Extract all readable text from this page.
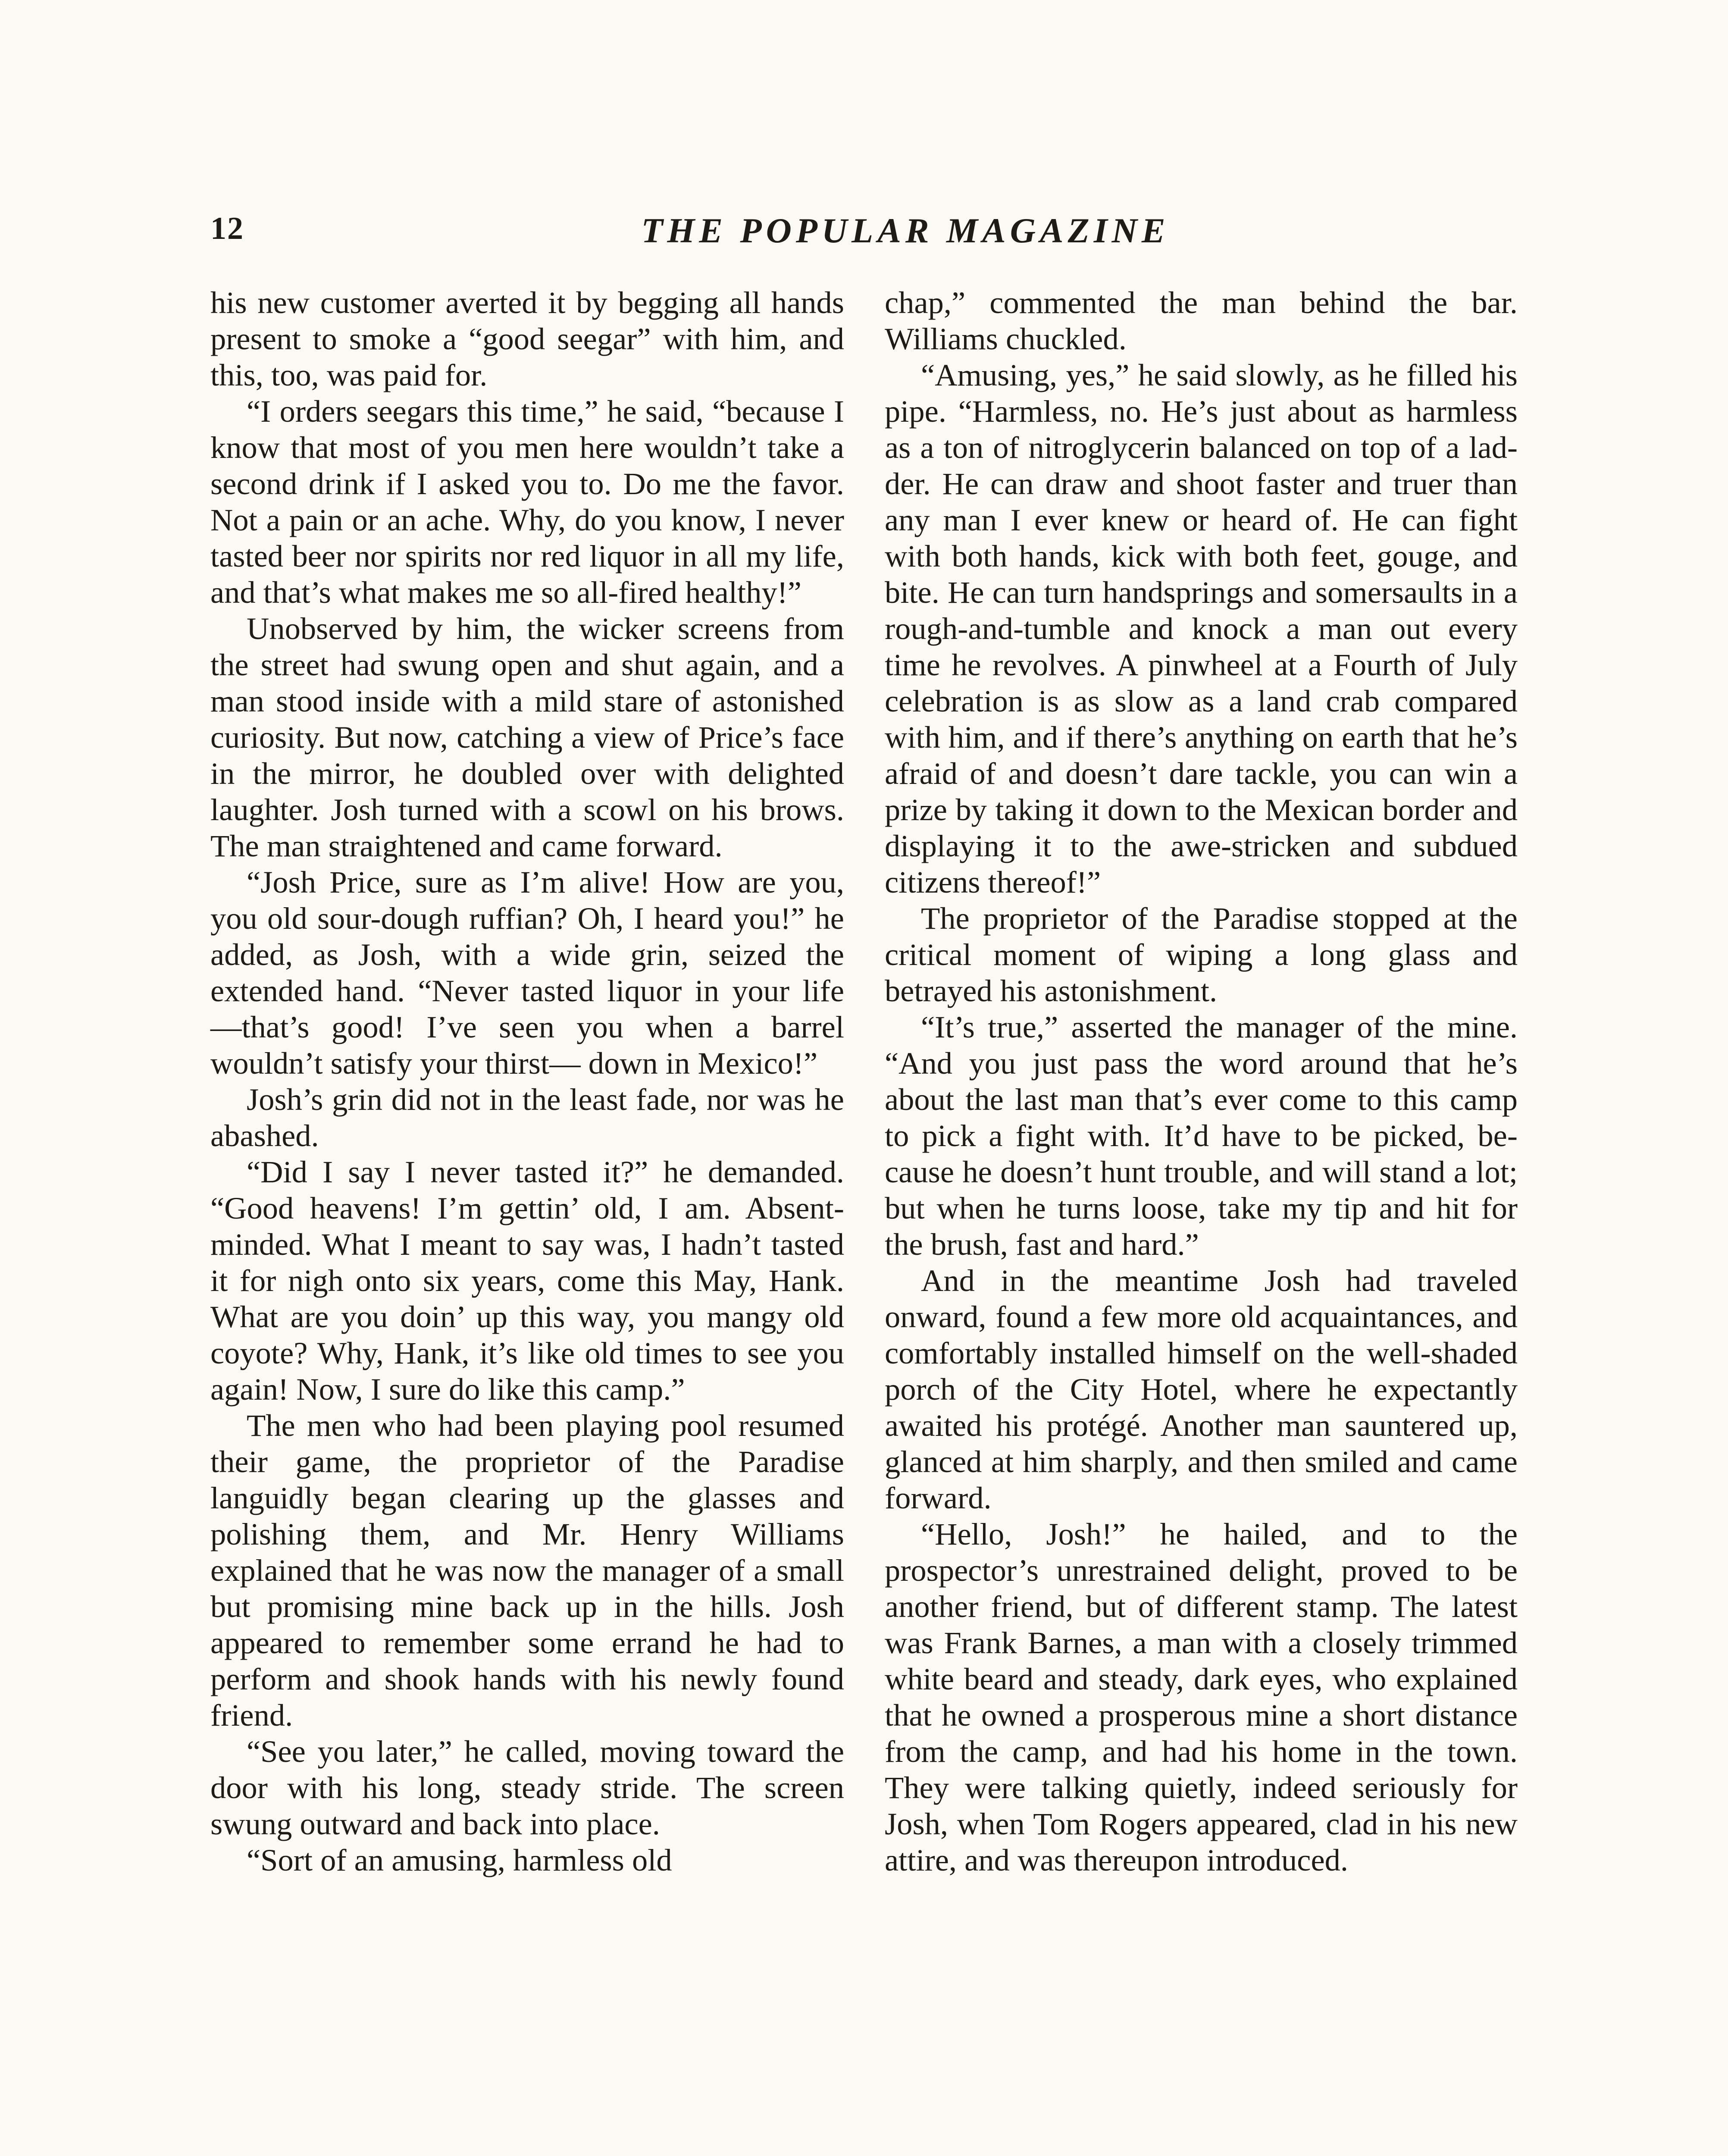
12	THE POPULAR MAGAZINE

his new customer averted it by begging all hands present to smoke a “good seegar” with him, and this, too, was paid for.

“I orders seegars this time,” he said, “because I know that most of you men here wouldn’t take a second drink if I asked you to. Do me the favor. Not a pain or an ache. Why, do you know, I never tasted beer nor spirits nor red liquor in all my life, and that’s what makes me so all-fired healthy!”

Unobserved by him, the wicker screens from the street had swung open and shut again, and a man stood inside with a mild stare of astonished curiosity. But now, catching a view of Price’s face in the mirror, he doubled over with delighted laughter. Josh turned with a scowl on his brows. The man straightened and came forward.

“Josh Price, sure as I’m alive! How are you, you old sour-dough ruffian? Oh, I heard you!” he added, as Josh, with a wide grin, seized the extended hand. “Never tasted liquor in your life —that’s good! I’ve seen you when a barrel wouldn’t satisfy your thirst— down in Mexico!”

Josh’s grin did not in the least fade, nor was he abashed.

“Did I say I never tasted it?” he demanded. “Good heavens! I’m gettin’ old, I am. Absent-minded. What I meant to say was, I hadn’t tasted it for nigh onto six years, come this May, Hank. What are you doin’ up this way, you mangy old coyote? Why, Hank, it’s like old times to see you again! Now, I sure do like this camp.”

The men who had been playing pool resumed their game, the proprietor of the Paradise languidly began clearing up the glasses and polishing them, and Mr. Henry Williams explained that he was now the manager of a small but promising mine back up in the hills. Josh appeared to remember some errand he had to perform and shook hands with his newly found friend.

“See you later,” he called, moving toward the door with his long, steady stride. The screen swung outward and back into place.

“Sort of an amusing, harmless old

chap,” commented the man behind the bar. Williams chuckled.

“Amusing, yes,” he said slowly, as he filled his pipe. “Harmless, no. He’s just about as harmless as a ton of nitroglycerin balanced on top of a ladder. He can draw and shoot faster and truer than any man I ever knew or heard of. He can fight with both hands, kick with both feet, gouge, and bite. He can turn handsprings and somersaults in a rough-and-tumble and knock a man out every time he revolves. A pinwheel at a Fourth of July celebration is as slow as a land crab compared with him, and if there’s anything on earth that he’s afraid of and doesn’t dare tackle, you can win a prize by taking it down to the Mexican border and displaying it to the awe-stricken and subdued citizens thereof!”

The proprietor of the Paradise stopped at the critical moment of wiping a long glass and betrayed his astonishment.

“It’s true,” asserted the manager of the mine. “And you just pass the word around that he’s about the last man that’s ever come to this camp to pick a fight with. It’d have to be picked, because he doesn’t hunt trouble, and will stand a lot; but when he turns loose, take my tip and hit for the brush, fast and hard.”

And in the meantime Josh had traveled onward, found a few more old acquaintances, and comfortably installed himself on the well-shaded porch of the City Hotel, where he expectantly awaited his protégé. Another man sauntered up, glanced at him sharply, and then smiled and came forward.

“Hello, Josh!” he hailed, and to the prospector’s unrestrained delight, proved to be another friend, but of different stamp. The latest was Frank Barnes, a man with a closely trimmed white beard and steady, dark eyes, who explained that he owned a prosperous mine a short distance from the camp, and had his home in the town. They were talking quietly, indeed seriously for Josh, when Tom Rogers appeared, clad in his new attire, and was thereupon introduced.
